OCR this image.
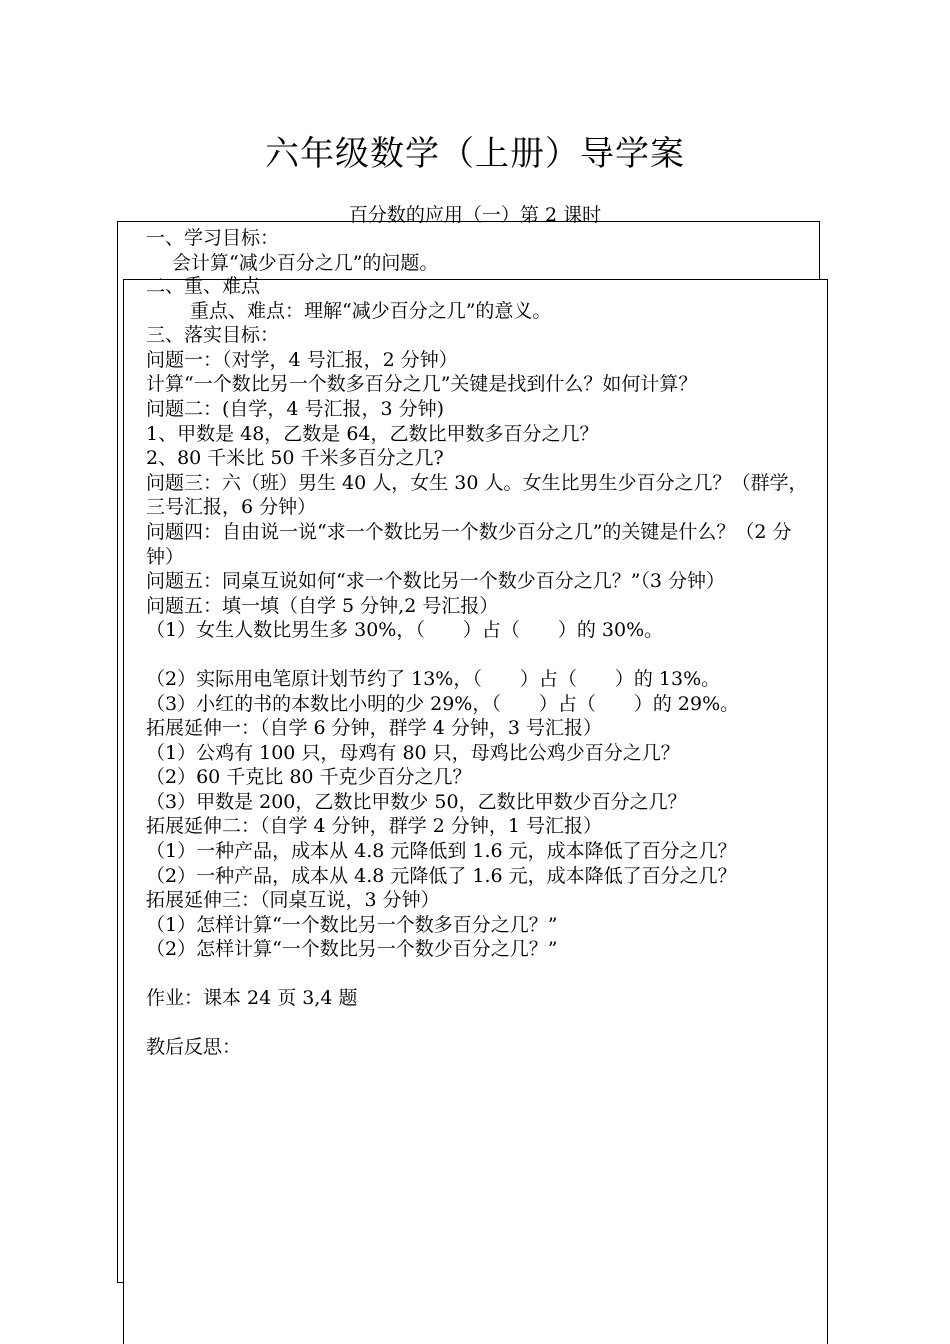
六年级数学（上册）导学案
百分数的应用（一）第 2 课时
一、学习目标：
会计算“减少百分之几”的问题。
二、重、难点
重点、难点：理解“减少百分之几”的意义。
三、落实目标：
问题一：（对学，4 号汇报，2 分钟）
计算“一个数比另一个数多百分之几”关键是找到什么？如何计算？
问题二：(自学，4 号汇报，3 分钟)
1、甲数是 48，乙数是 64，乙数比甲数多百分之几？
2、80 千米比 50 千米多百分之几?
问题三：六（班）男生 40 人，女生 30 人。女生比男生少百分之几？（群学，三号汇报，6 分钟）
问题四：自由说一说“求一个数比另一个数少百分之几”的关键是什么？（2 分钟）
问题五：同桌互说如何“求一个数比另一个数少百分之几？”（3 分钟）
问题五：填一填（自学 5 分钟,2 号汇报）
（1）女生人数比男生多 30%，（　　）占（　　）的 30%。
（2）实际用电笔原计划节约了 13%，（　　）占（　　）的 13%。
（3）小红的书的本数比小明的少 29%，（　　）占（　　）的 29%。
拓展延伸一：（自学 6 分钟，群学 4 分钟，3 号汇报）
（1）公鸡有 100 只，母鸡有 80 只，母鸡比公鸡少百分之几？
（2）60 千克比 80 千克少百分之几？
（3）甲数是 200，乙数比甲数少 50，乙数比甲数少百分之几？
拓展延伸二：（自学 4 分钟，群学 2 分钟，1 号汇报）
（1）一种产品，成本从 4.8 元降低到 1.6 元，成本降低了百分之几？
（2）一种产品，成本从 4.8 元降低了 1.6 元，成本降低了百分之几？
拓展延伸三：（同桌互说，3 分钟）
（1）怎样计算“一个数比另一个数多百分之几？”
（2）怎样计算“一个数比另一个数少百分之几？”
作业：课本 24 页 3,4 题
教后反思：
